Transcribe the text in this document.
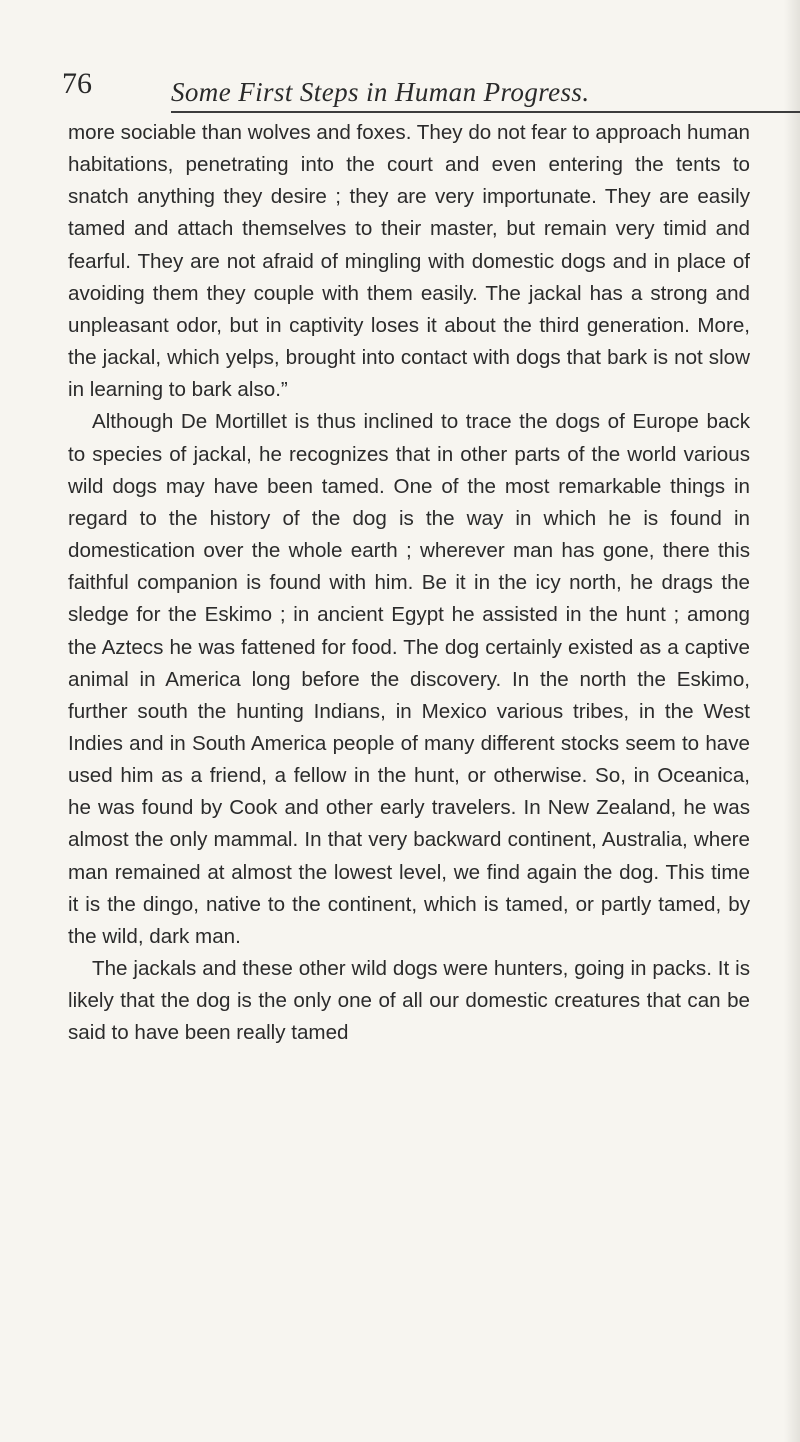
76	Some First Steps in Human Progress.

more sociable than wolves and foxes. They do not fear to approach human habitations, penetrating into the court and even entering the tents to snatch anything they desire ; they are very importunate. They are easily tamed and attach themselves to their master, but remain very timid and fearful. They are not afraid of mingling with domestic dogs and in place of avoiding them they couple with them easily. The jackal has a strong and unpleasant odor, but in captivity loses it about the third generation. More, the jackal, which yelps, brought into contact with dogs that bark is not slow in learning to bark also.”

Although De Mortillet is thus inclined to trace the dogs of Europe back to species of jackal, he recognizes that in other parts of the world various wild dogs may have been tamed. One of the most remarkable things in regard to the history of the dog is the way in which he is found in domestication over the whole earth ; wherever man has gone, there this faithful companion is found with him. Be it in the icy north, he drags the sledge for the Eskimo ; in ancient Egypt he assisted in the hunt ; among the Aztecs he was fattened for food. The dog certainly existed as a captive animal in America long before the discovery. In the north the Eskimo, further south the hunting Indians, in Mexico various tribes, in the West Indies and in South America people of many different stocks seem to have used him as a friend, a fellow in the hunt, or otherwise. So, in Oceanica, he was found by Cook and other early travelers. In New Zealand, he was almost the only mammal. In that very backward continent, Australia, where man remained at almost the lowest level, we find again the dog. This time it is the dingo, native to the continent, which is tamed, or partly tamed, by the wild, dark man.

The jackals and these other wild dogs were hunters, going in packs. It is likely that the dog is the only one of all our domestic creatures that can be said to have been really tamed
